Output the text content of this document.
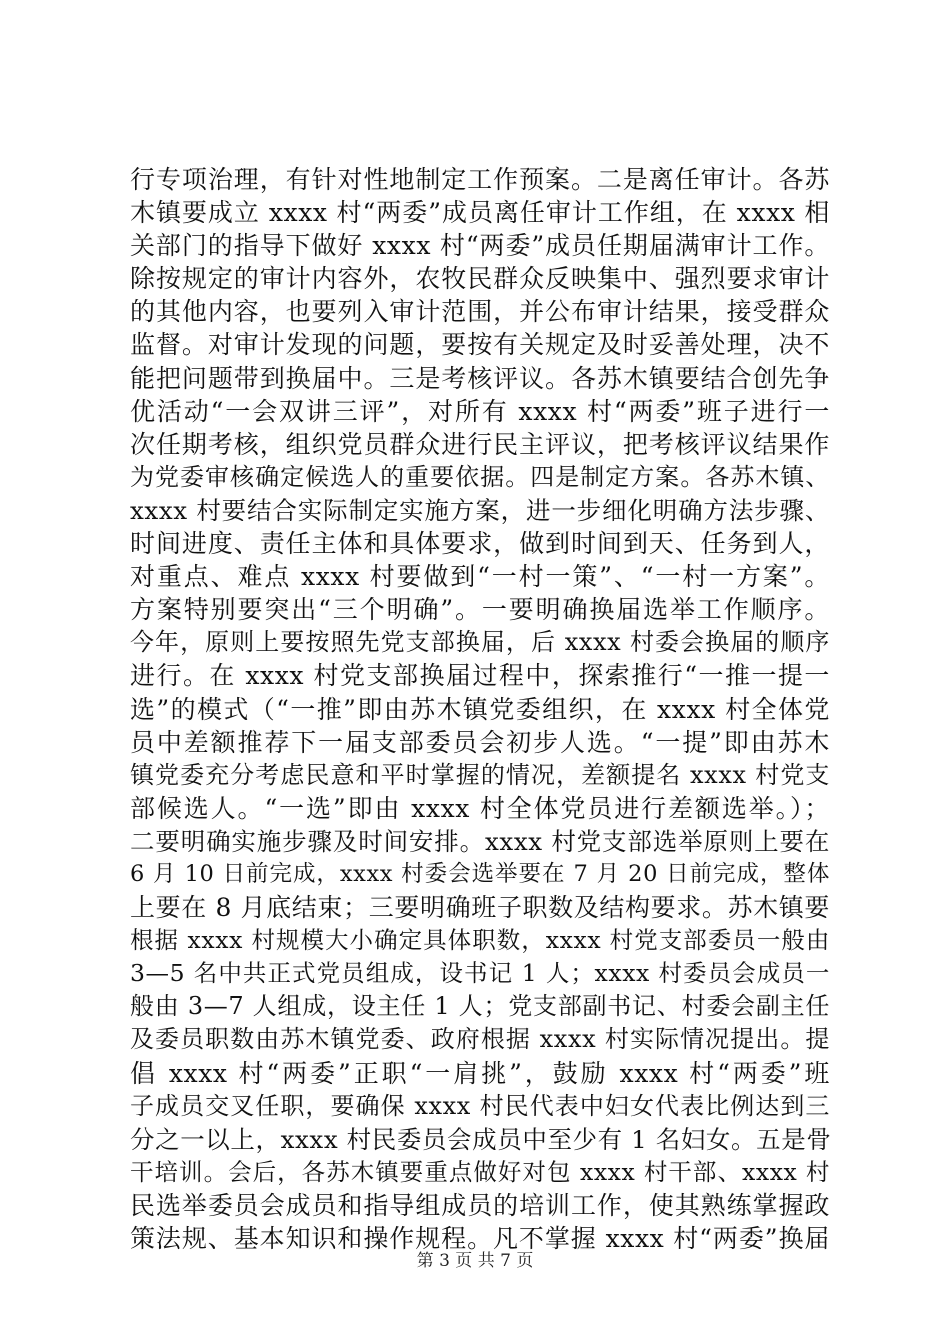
行专项治理，有针对性地制定工作预案。二是离任审计。各苏
木镇要成立 xxxx 村“两委”成员离任审计工作组，在 xxxx 相
关部门的指导下做好 xxxx 村“两委”成员任期届满审计工作。
除按规定的审计内容外，农牧民群众反映集中、强烈要求审计
的其他内容，也要列入审计范围，并公布审计结果，接受群众
监督。对审计发现的问题，要按有关规定及时妥善处理，决不
能把问题带到换届中。三是考核评议。各苏木镇要结合创先争
优活动“一会双讲三评”，对所有 xxxx 村“两委”班子进行一
次任期考核，组织党员群众进行民主评议，把考核评议结果作
为党委审核确定候选人的重要依据。四是制定方案。各苏木镇、
xxxx 村要结合实际制定实施方案，进一步细化明确方法步骤、
时间进度、责任主体和具体要求，做到时间到天、任务到人，
对重点、难点 xxxx 村要做到“一村一策”、“一村一方案”。
方案特别要突出“三个明确”。一要明确换届选举工作顺序。
今年，原则上要按照先党支部换届，后 xxxx 村委会换届的顺序
进行。在 xxxx 村党支部换届过程中，探索推行“一推一提一
选”的模式（“一推”即由苏木镇党委组织，在 xxxx 村全体党
员中差额推荐下一届支部委员会初步人选。“一提”即由苏木
镇党委充分考虑民意和平时掌握的情况，差额提名 xxxx 村党支
部候选人。“一选”即由 xxxx 村全体党员进行差额选举。）；
二要明确实施步骤及时间安排。xxxx 村党支部选举原则上要在
6 月 10 日前完成，xxxx 村委会选举要在 7 月 20 日前完成，整体
上要在 8 月底结束；三要明确班子职数及结构要求。苏木镇要
根据 xxxx 村规模大小确定具体职数，xxxx 村党支部委员一般由
3—5 名中共正式党员组成，设书记 1 人；xxxx 村委员会成员一
般由 3—7 人组成，设主任 1 人；党支部副书记、村委会副主任
及委员职数由苏木镇党委、政府根据 xxxx 村实际情况提出。提
倡 xxxx 村“两委”正职“一肩挑”，鼓励 xxxx 村“两委”班
子成员交叉任职，要确保 xxxx 村民代表中妇女代表比例达到三
分之一以上，xxxx 村民委员会成员中至少有 1 名妇女。五是骨
干培训。会后，各苏木镇要重点做好对包 xxxx 村干部、xxxx 村
民选举委员会成员和指导组成员的培训工作，使其熟练掌握政
策法规、基本知识和操作规程。凡不掌握 xxxx 村“两委”换届
第 3 页 共 7 页
